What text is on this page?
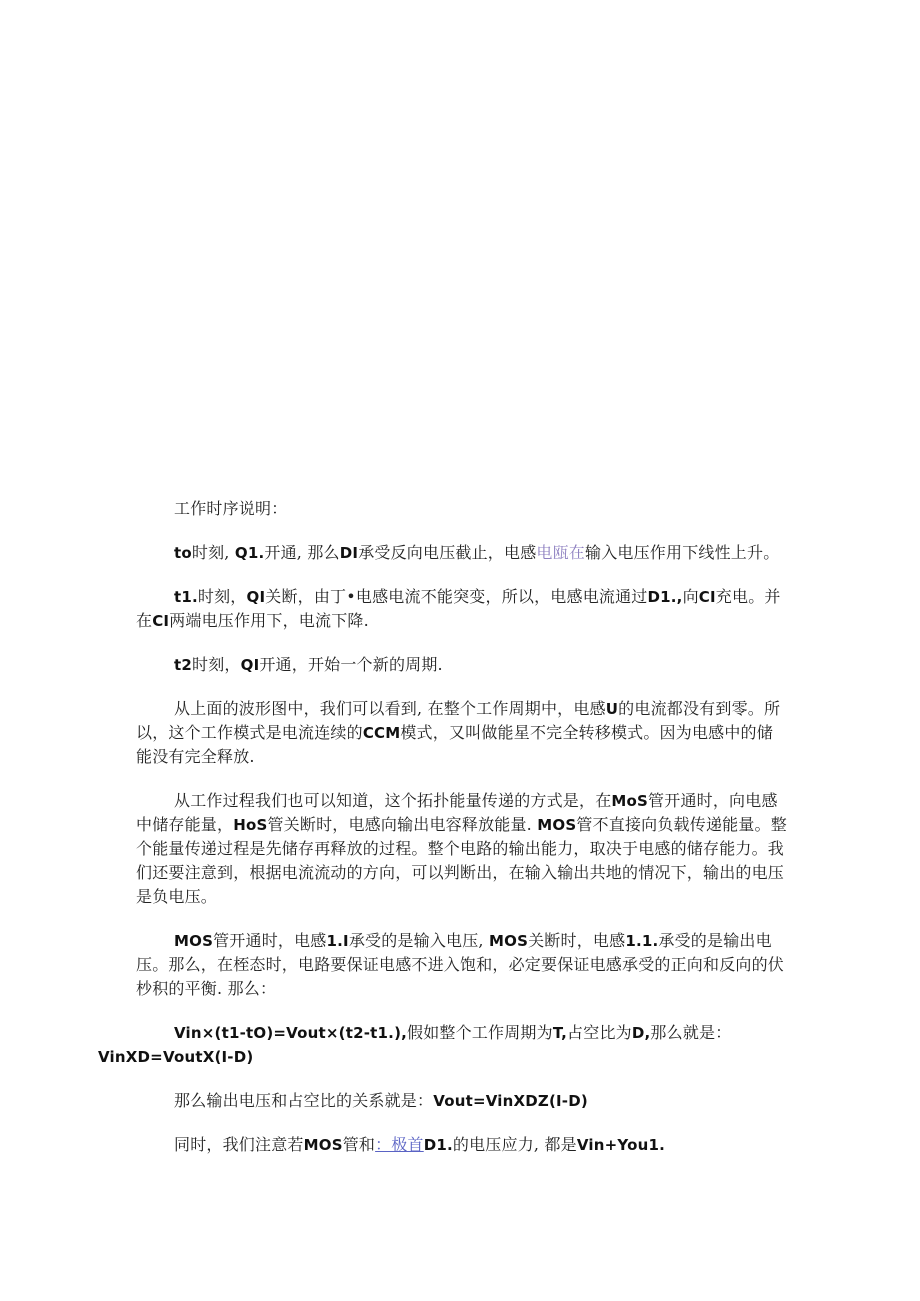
工作时序说明：

to时刻, Q1.开通, 那么DI承受反向电压截止，电感电瓯在输入电压作用下线性上升。

t1.时刻，QI关断，由丁•电感电流不能突变，所以，电感电流通过D1.,向CI充电。并在CI两端电压作用下，电流下降.

t2时刻，QI开通，开始一个新的周期.

从上面的波形图中，我们可以看到, 在整个工作周期中，电感U的电流都没有到零。所以，这个工作模式是电流连续的CCM模式，又叫做能星不完全转移模式。因为电感中的储能没有完全释放.

从工作过程我们也可以知道，这个拓扑能量传递的方式是，在MoS管开通时，向电感中储存能量，HoS管关断时，电感向输出电容释放能量. MOS管不直接向负载传递能量。整个能量传递过程是先储存再释放的过程。整个电路的输出能力，取决于电感的储存能力。我们还要注意到，根据电流流动的方向，可以判断出，在输入输出共地的情况下，输出的电压是负电压。

MOS管开通时，电感1.I承受的是输入电压, MOS关断时，电感1.1.承受的是输出电压。那么，在桎态时，电路要保证电感不进入饱和，必定要保证电感承受的正向和反向的伏杪积的平衡. 那么：

Vin×(t1-tO)=Vout×(t2-t1.),假如整个工作周期为T,占空比为D,那么就是：
VinXD=VoutX(I-D)

那么输出电压和占空比的关系就是：Vout=VinXDZ(I-D)

同时，我们注意若MOS管和：极首D1.的电压应力, 都是Vin+You1.
